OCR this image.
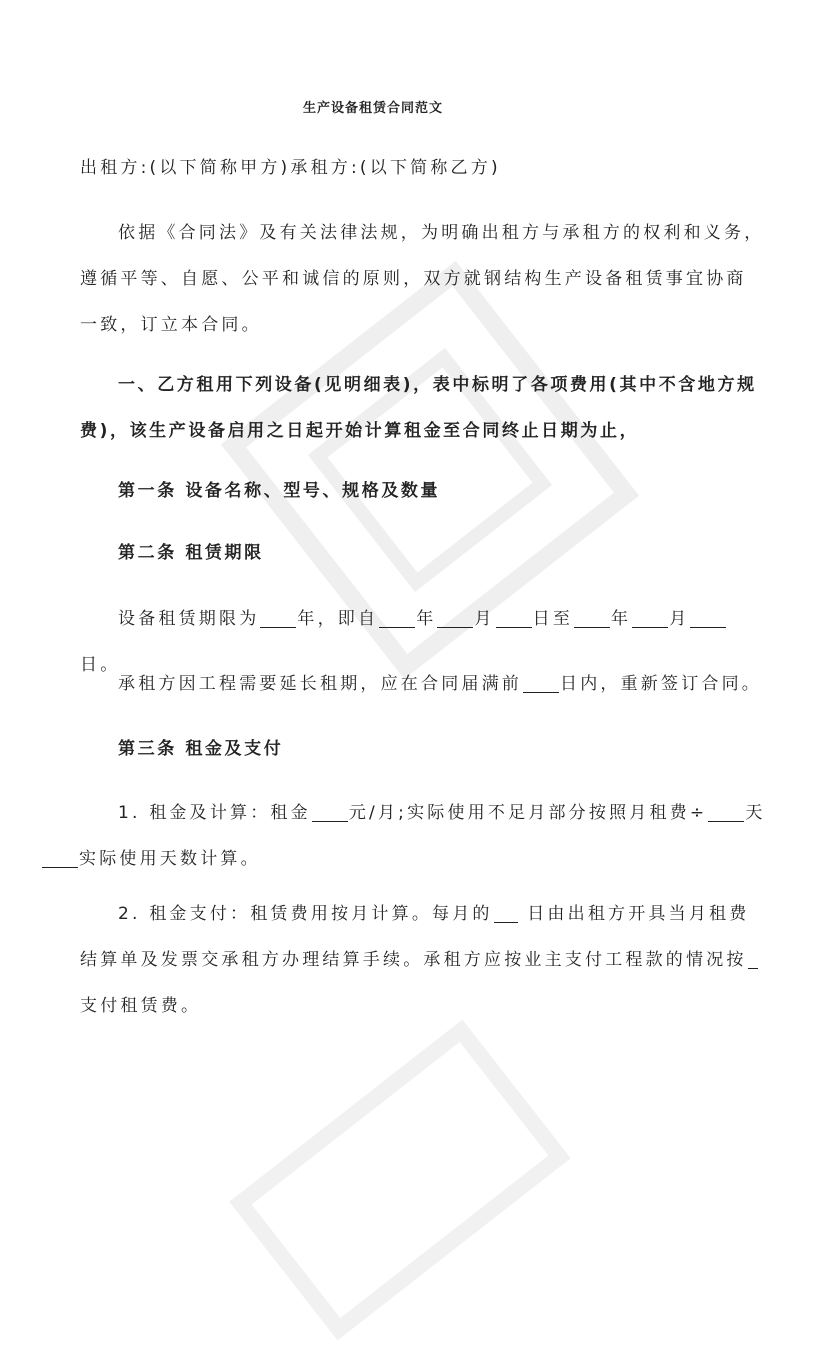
生产设备租赁合同范文

出租方:(以下简称甲方)承租方:(以下简称乙方)

依据《合同法》及有关法律法规，为明确出租方与承租方的权利和义务，遵循平等、自愿、公平和诚信的原则，双方就钢结构生产设备租赁事宜协商一致，订立本合同。

一、乙方租用下列设备(见明细表)，表中标明了各项费用(其中不含地方规费)，该生产设备启用之日起开始计算租金至合同终止日期为止，

第一条 设备名称、型号、规格及数量

第二条 租赁期限

设备租赁期限为 年，即自 年 月 日至 年 月日。

承租方因工程需要延长租期，应在合同届满前 日内，重新签订合同。

第三条 租金及支付

1. 租金及计算：租金 元/月;实际使用不足月部分按照月租费÷ 天
实际使用天数计算。

2. 租金支付：租赁费用按月计算。每月的 日由出租方开具当月租费结算单及发票交承租方办理结算手续。承租方应按业主支付工程款的情况按 支付租赁费。
